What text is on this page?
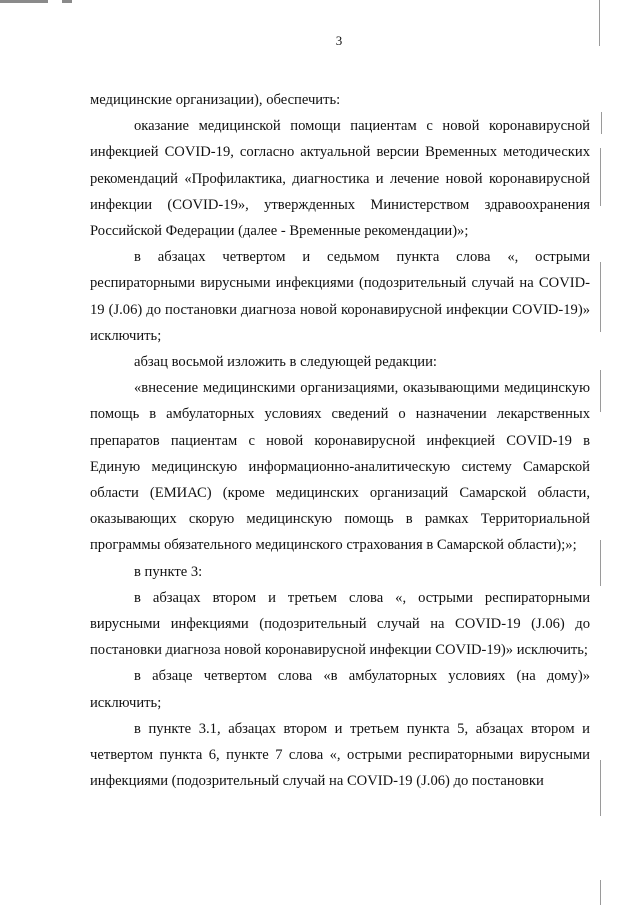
3

медицинские организации), обеспечить:

оказание медицинской помощи пациентам с новой коронавирусной инфекцией COVID-19, согласно актуальной версии Временных методических рекомендаций «Профилактика, диагностика и лечение новой коронавирусной инфекции (COVID-19», утвержденных Министерством здравоохранения Российской Федерации (далее - Временные рекомендации)»;

в абзацах четвертом и седьмом пункта слова «, острыми респираторными вирусными инфекциями (подозрительный случай на COVID-19 (J.06) до постановки диагноза новой коронавирусной инфекции COVID-19)» исключить;

абзац восьмой изложить в следующей редакции:

«внесение медицинскими организациями, оказывающими медицинскую помощь в амбулаторных условиях сведений о назначении лекарственных препаратов пациентам с новой коронавирусной инфекцией COVID-19 в Единую медицинскую информационно-аналитическую систему Самарской области (ЕМИАС) (кроме медицинских организаций Самарской области, оказывающих скорую медицинскую помощь в рамках Территориальной программы обязательного медицинского страхования в Самарской области);»;

в пункте 3:

в абзацах втором и третьем слова «, острыми респираторными вирусными инфекциями (подозрительный случай на COVID-19 (J.06) до постановки диагноза новой коронавирусной инфекции COVID-19)» исключить;

в абзаце четвертом слова «в амбулаторных условиях (на дому)» исключить;

в пункте 3.1, абзацах втором и третьем пункта 5, абзацах втором и четвертом пункта 6, пункте 7 слова «, острыми респираторными вирусными инфекциями (подозрительный случай на COVID-19 (J.06) до постановки
